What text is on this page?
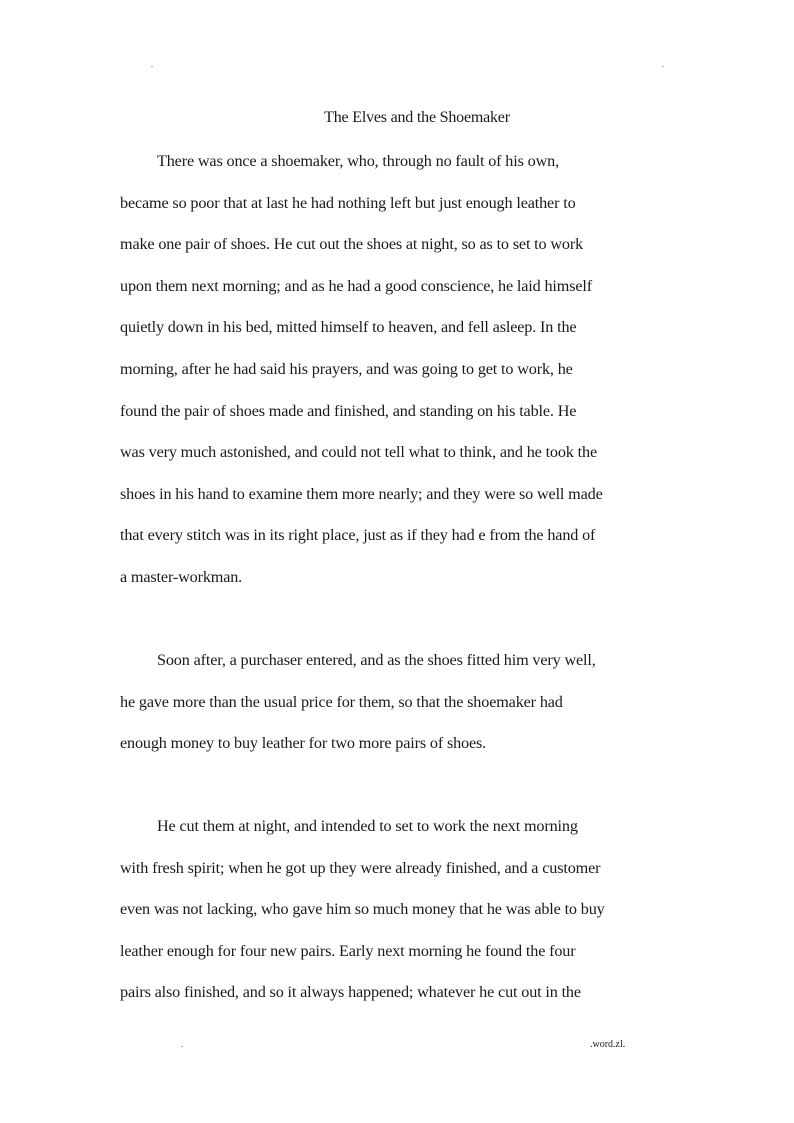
.	.
The Elves and the Shoemaker
There was once a shoemaker, who, through no fault of his own,
became so poor that at last he had nothing left but just enough leather to
make one pair of shoes. He cut out the shoes at night, so as to set to work
upon them next morning; and as he had a good conscience, he laid himself
quietly down in his bed, mitted himself to heaven, and fell asleep. In the
morning, after he had said his prayers, and was going to get to work, he
found the pair of shoes made and finished, and standing on his table. He
was very much astonished, and could not tell what to think, and he took the
shoes in his hand to examine them more nearly; and they were so well made
that every stitch was in its right place, just as if they had e from the hand of
a master-workman.
Soon after, a purchaser entered, and as the shoes fitted him very well,
he gave more than the usual price for them, so that the shoemaker had
enough money to buy leather for two more pairs of shoes.
He cut them at night, and intended to set to work the next morning
with fresh spirit; when he got up they were already finished, and a customer
even was not lacking, who gave him so much money that he was able to buy
leather enough for four new pairs. Early next morning he found the four
pairs also finished, and so it always happened; whatever he cut out in the
.	.word.zl.
